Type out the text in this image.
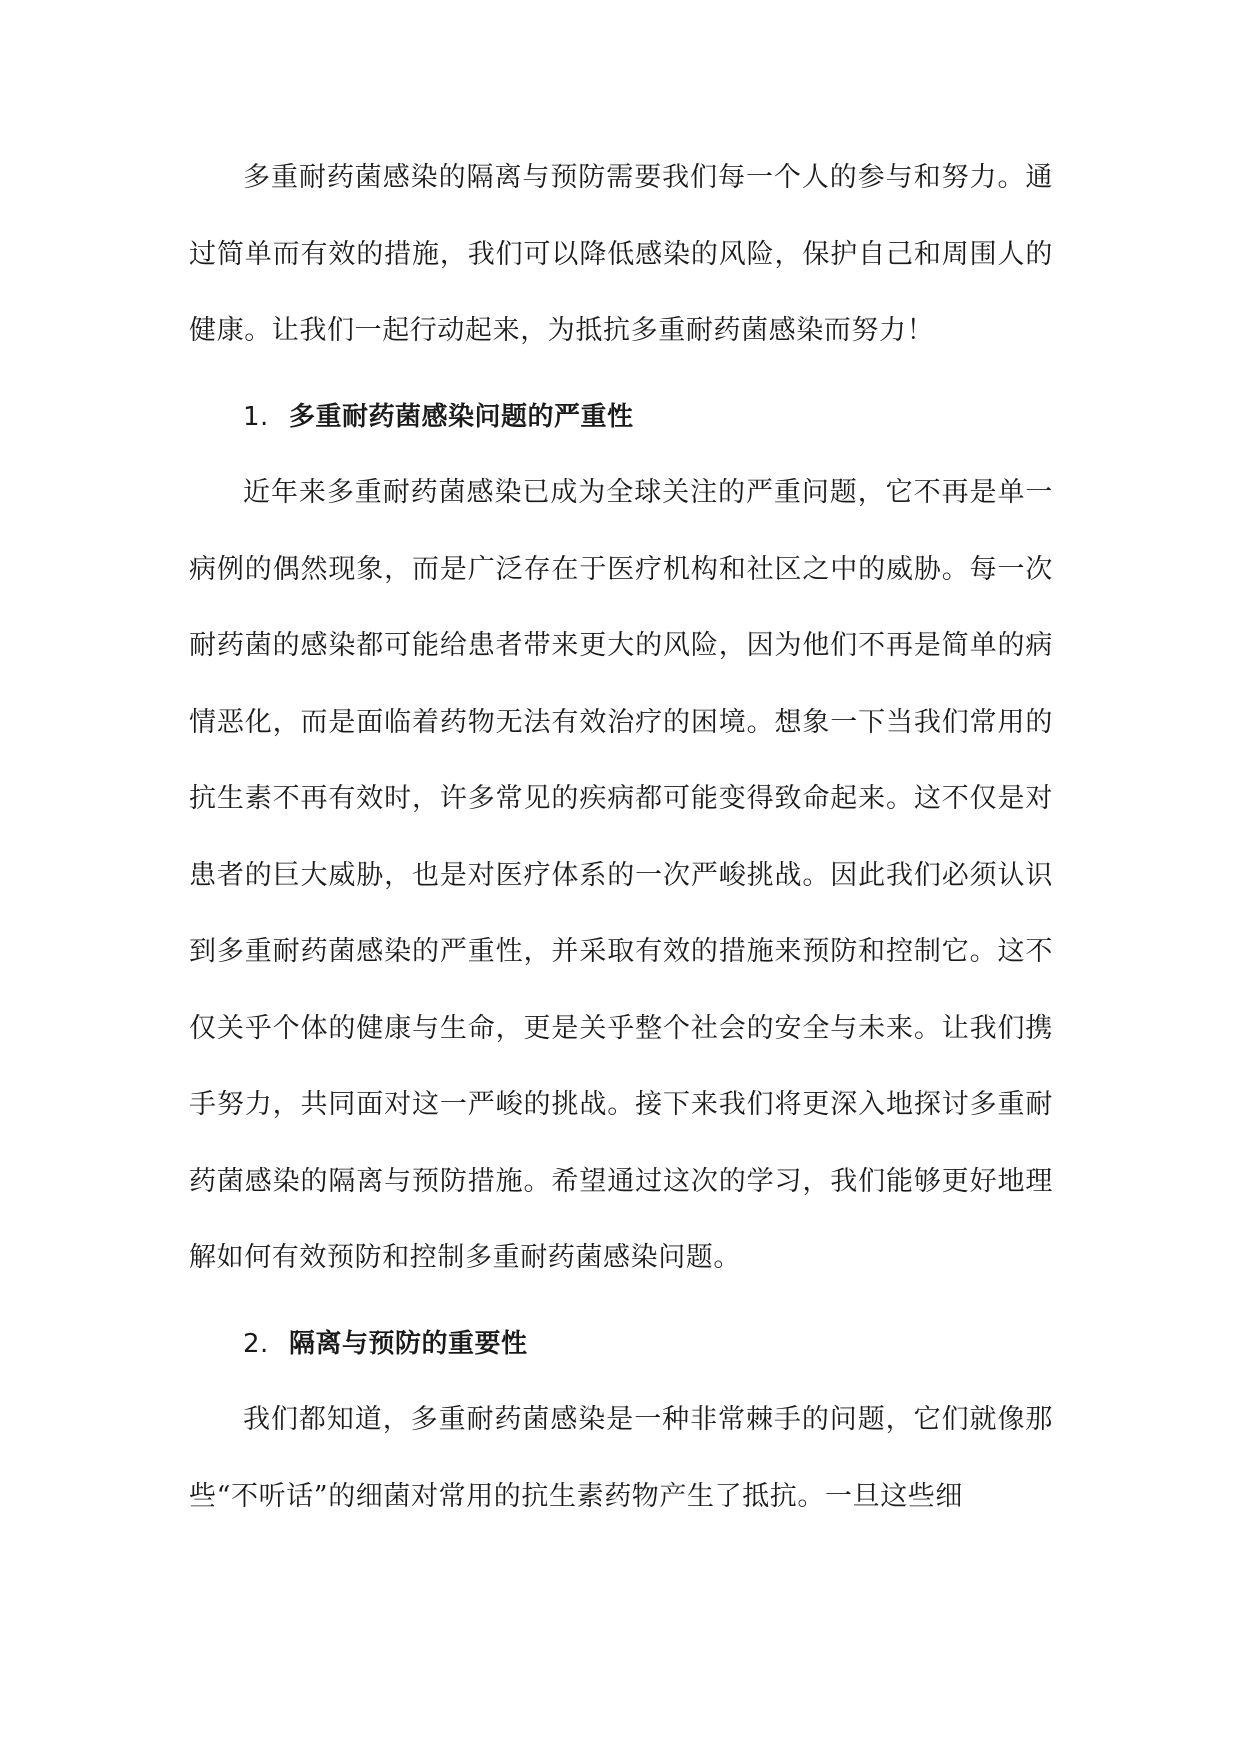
多重耐药菌感染的隔离与预防需要我们每一个人的参与和努力。通过简单而有效的措施，我们可以降低感染的风险，保护自己和周围人的健康。让我们一起行动起来，为抵抗多重耐药菌感染而努力！

1. 多重耐药菌感染问题的严重性

近年来多重耐药菌感染已成为全球关注的严重问题，它不再是单一病例的偶然现象，而是广泛存在于医疗机构和社区之中的威胁。每一次耐药菌的感染都可能给患者带来更大的风险，因为他们不再是简单的病情恶化，而是面临着药物无法有效治疗的困境。想象一下当我们常用的抗生素不再有效时，许多常见的疾病都可能变得致命起来。这不仅是对患者的巨大威胁，也是对医疗体系的一次严峻挑战。因此我们必须认识到多重耐药菌感染的严重性，并采取有效的措施来预防和控制它。这不仅关乎个体的健康与生命，更是关乎整个社会的安全与未来。让我们携手努力，共同面对这一严峻的挑战。接下来我们将更深入地探讨多重耐药菌感染的隔离与预防措施。希望通过这次的学习，我们能够更好地理解如何有效预防和控制多重耐药菌感染问题。

2. 隔离与预防的重要性

我们都知道，多重耐药菌感染是一种非常棘手的问题，它们就像那些“不听话”的细菌对常用的抗生素药物产生了抵抗。一旦这些细
